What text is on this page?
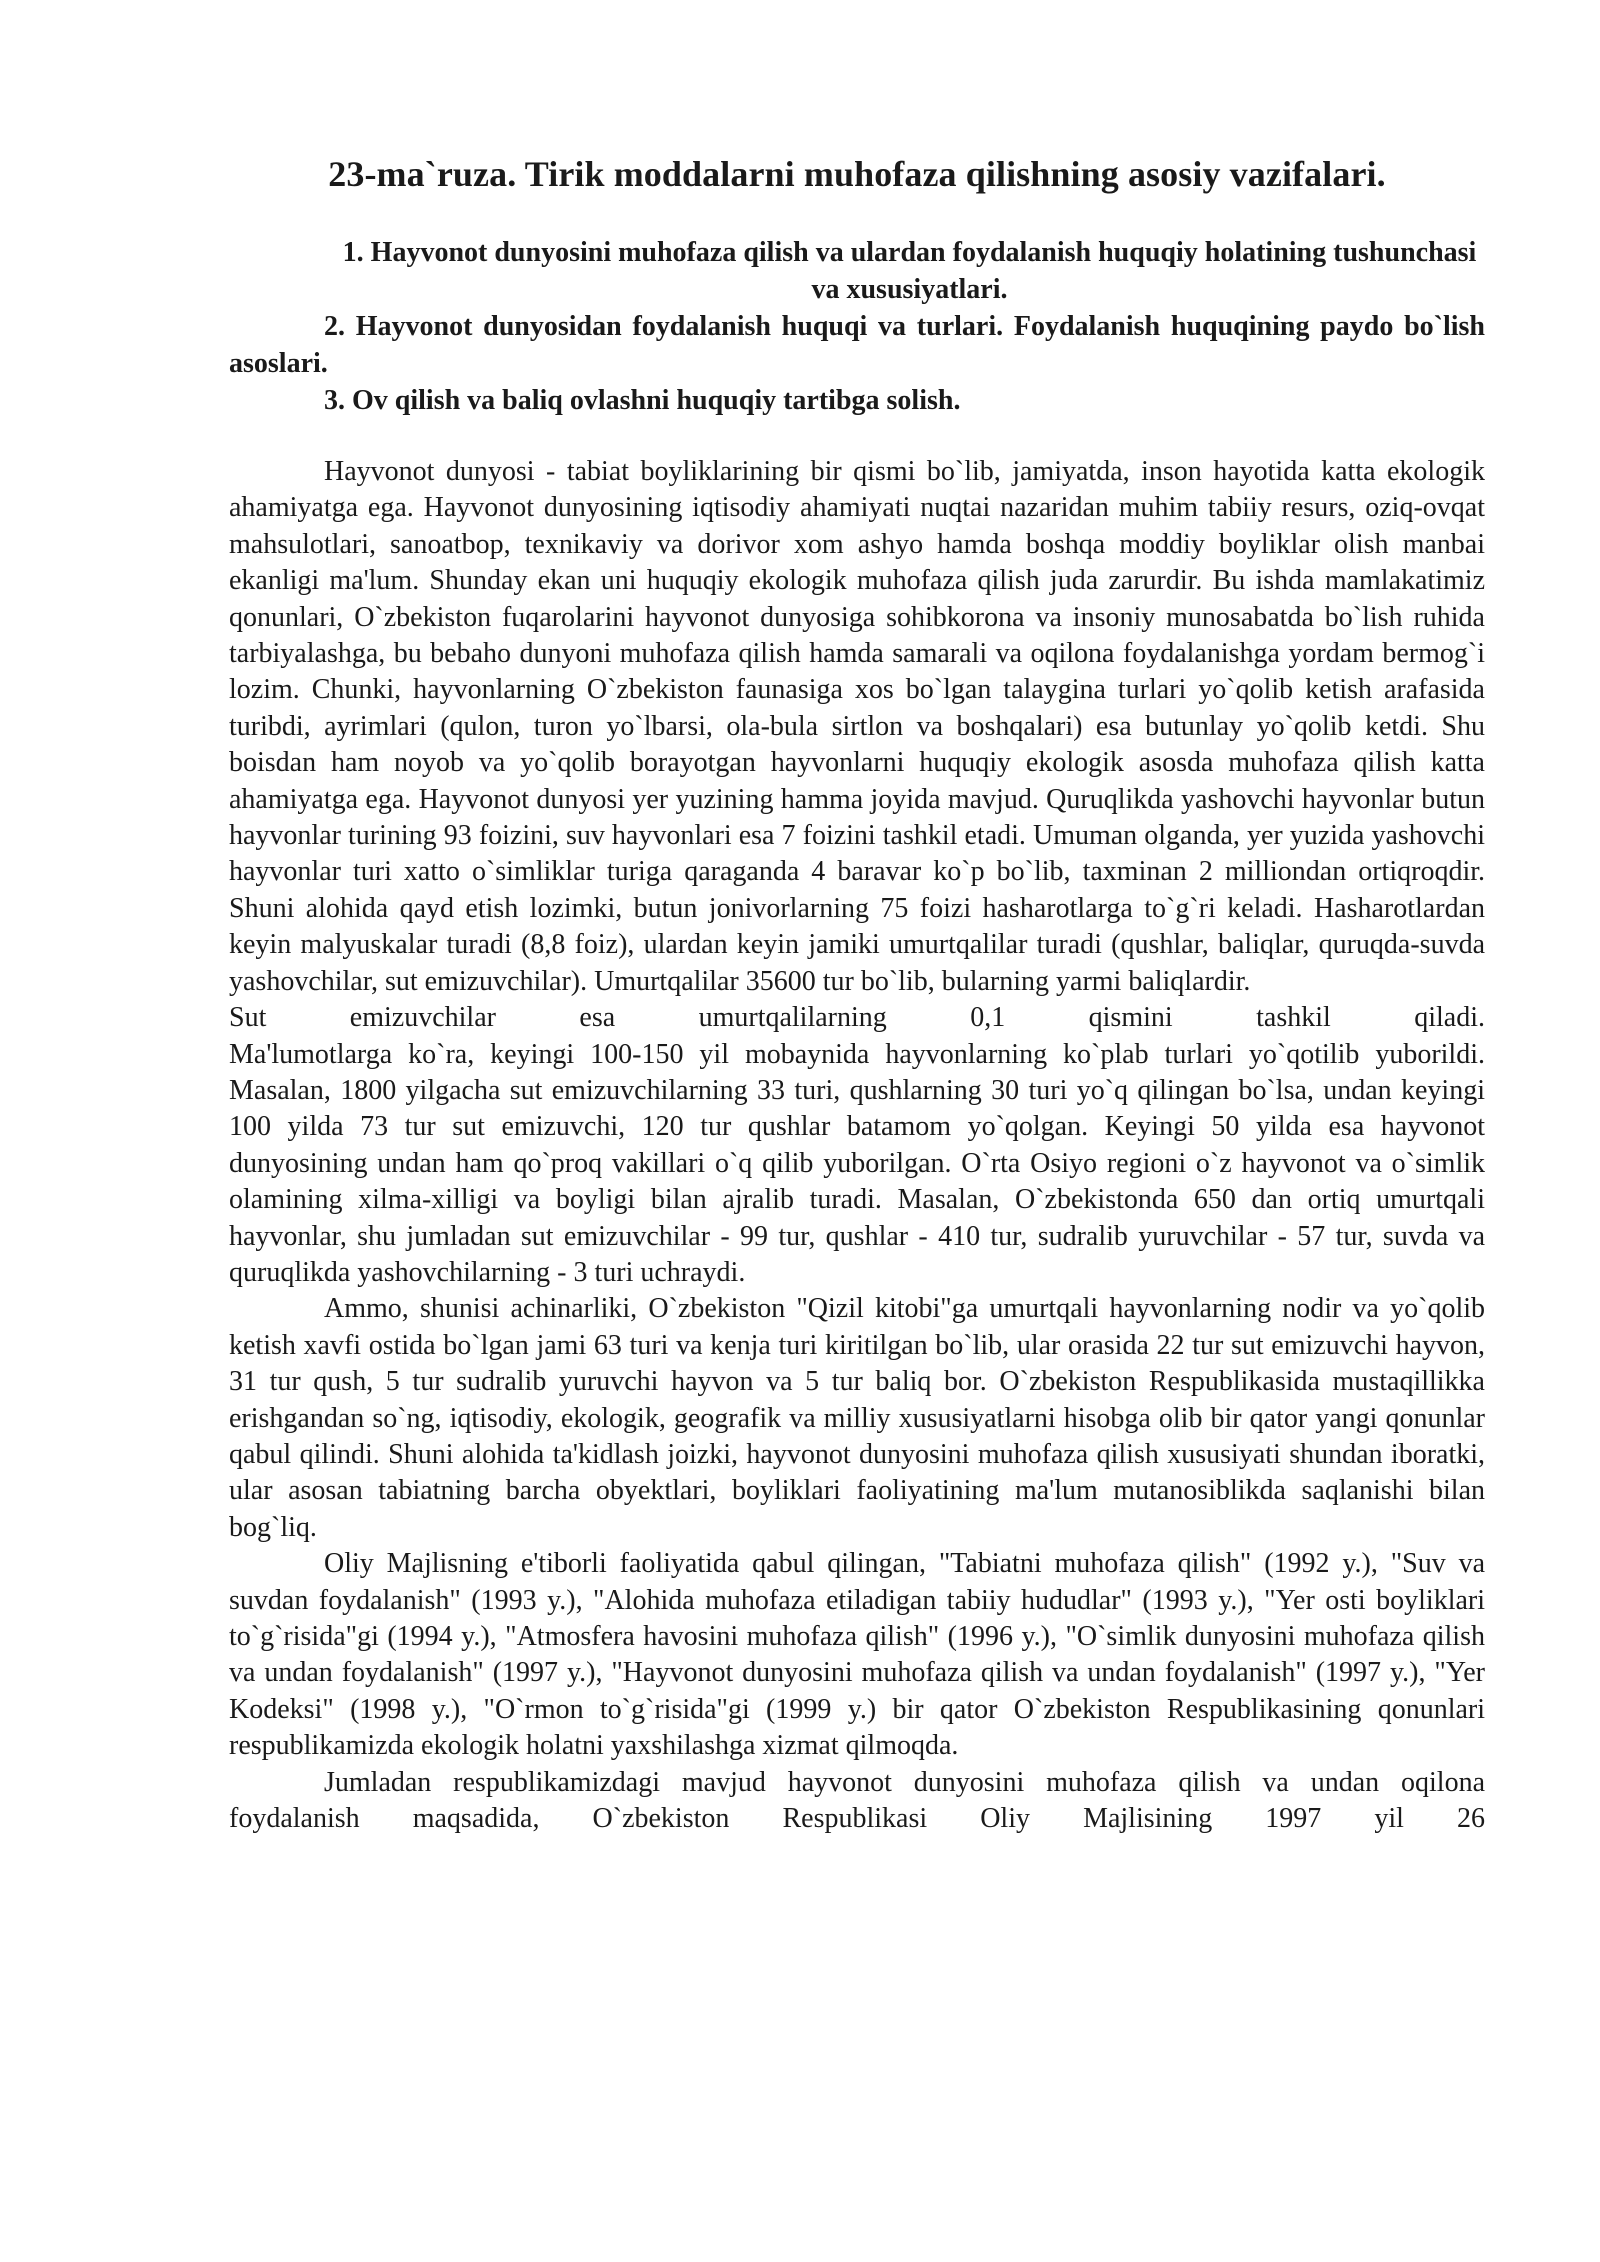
23-ma`ruza. Tirik moddalarni muhofaza qilishning asosiy vazifalari.
1. Hayvonot dunyosini muhofaza qilish va ulardan foydalanish huquqiy holatining tushunchasi va xususiyatlari.
2. Hayvonot dunyosidan foydalanish huquqi va turlari. Foydalanish huquqining paydo bo`lish asoslari.
3. Ov qilish va baliq ovlashni huquqiy tartibga solish.

Hayvonot dunyosi - tabiat boyliklarining bir qismi bo`lib, jamiyatda, inson hayotida katta ekologik ahamiyatga ega. Hayvonot dunyosining iqtisodiy ahamiyati nuqtai nazaridan muhim tabiiy resurs, oziq-ovqat mahsulotlari, sanoatbop, texnikaviy va dorivor xom ashyo hamda boshqa moddiy boyliklar olish manbai ekanligi ma'lum. Shunday ekan uni huquqiy ekologik muhofaza qilish juda zarurdir. Bu ishda mamlakatimiz qonunlari, O`zbekiston fuqarolarini hayvonot dunyosiga sohibkorona va insoniy munosabatda bo`lish ruhida tarbiyalashga, bu bebaho dunyoni muhofaza qilish hamda samarali va oqilona foydalanishga yordam bermog`i lozim. Chunki, hayvonlarning O`zbekiston faunasiga xos bo`lgan talaygina turlari yo`qolib ketish arafasida turibdi, ayrimlari (qulon, turon yo`lbarsi, ola-bula sirtlon va boshqalari) esa butunlay yo`qolib ketdi. Shu boisdan ham noyob va yo`qolib borayotgan hayvonlarni huquqiy ekologik asosda muhofaza qilish katta ahamiyatga ega. Hayvonot dunyosi yer yuzining hamma joyida mavjud. Quruqlikda yashovchi hayvonlar butun hayvonlar turining 93 foizini, suv hayvonlari esa 7 foizini tashkil etadi. Umuman olganda, yer yuzida yashovchi hayvonlar turi xatto o`simliklar turiga qaraganda 4 baravar ko`p bo`lib, taxminan 2 milliondan ortiqroqdir. Shuni alohida qayd etish lozimki, butun jonivorlarning 75 foizi hasharotlarga to`g`ri keladi. Hasharotlardan keyin malyuskalar turadi (8,8 foiz), ulardan keyin jamiki umurtqalilar turadi (qushlar, baliqlar, quruqda-suvda yashovchilar, sut emizuvchilar). Umurtqalilar 35600 tur bo`lib, bularning yarmi baliqlardir.
Sut emizuvchilar esa umurtqalilarning 0,1 qismini tashkil qiladi.
Ma'lumotlarga ko`ra, keyingi 100-150 yil mobaynida hayvonlarning ko`plab turlari yo`qotilib yuborildi. Masalan, 1800 yilgacha sut emizuvchilarning 33 turi, qushlarning 30 turi yo`q qilingan bo`lsa, undan keyingi 100 yilda 73 tur sut emizuvchi, 120 tur qushlar batamom yo`qolgan. Keyingi 50 yilda esa hayvonot dunyosining undan ham qo`proq vakillari o`q qilib yuborilgan. O`rta Osiyo regioni o`z hayvonot va o`simlik olamining xilma-xilligi va boyligi bilan ajralib turadi. Masalan, O`zbekistonda 650 dan ortiq umurtqali hayvonlar, shu jumladan sut emizuvchilar - 99 tur, qushlar - 410 tur, sudralib yuruvchilar - 57 tur, suvda va quruqlikda yashovchilarning - 3 turi uchraydi.

Ammo, shunisi achinarliki, O`zbekiston "Qizil kitobi"ga umurtqali hayvonlarning nodir va yo`qolib ketish xavfi ostida bo`lgan jami 63 turi va kenja turi kiritilgan bo`lib, ular orasida 22 tur sut emizuvchi hayvon, 31 tur qush, 5 tur sudralib yuruvchi hayvon va 5 tur baliq bor. O`zbekiston Respublikasida mustaqillikka erishgandan so`ng, iqtisodiy, ekologik, geografik va milliy xususiyatlarni hisobga olib bir qator yangi qonunlar qabul qilindi. Shuni alohida ta'kidlash joizki, hayvonot dunyosini muhofaza qilish xususiyati shundan iboratki, ular asosan tabiatning barcha obyektlari, boyliklari faoliyatining ma'lum mutanosiblikda saqlanishi bilan bog`liq.

Oliy Majlisning e'tiborli faoliyatida qabul qilingan, "Tabiatni muhofaza qilish" (1992 y.), "Suv va suvdan foydalanish" (1993 y.), "Alohida muhofaza etiladigan tabiiy hududlar" (1993 y.), "Yer osti boyliklari to`g`risida"gi (1994 y.), "Atmosfera havosini muhofaza qilish" (1996 y.), "O`simlik dunyosini muhofaza qilish va undan foydalanish" (1997 y.), "Hayvonot dunyosini muhofaza qilish va undan foydalanish" (1997 y.), "Yer Kodeksi" (1998 y.), "O`rmon to`g`risida"gi (1999 y.) bir qator O`zbekiston Respublikasining qonunlari respublikamizda ekologik holatni yaxshilashga xizmat qilmoqda.

Jumladan respublikamizdagi mavjud hayvonot dunyosini muhofaza qilish va undan oqilona foydalanish maqsadida, O`zbekiston Respublikasi Oliy Majlisining 1997 yil 26
